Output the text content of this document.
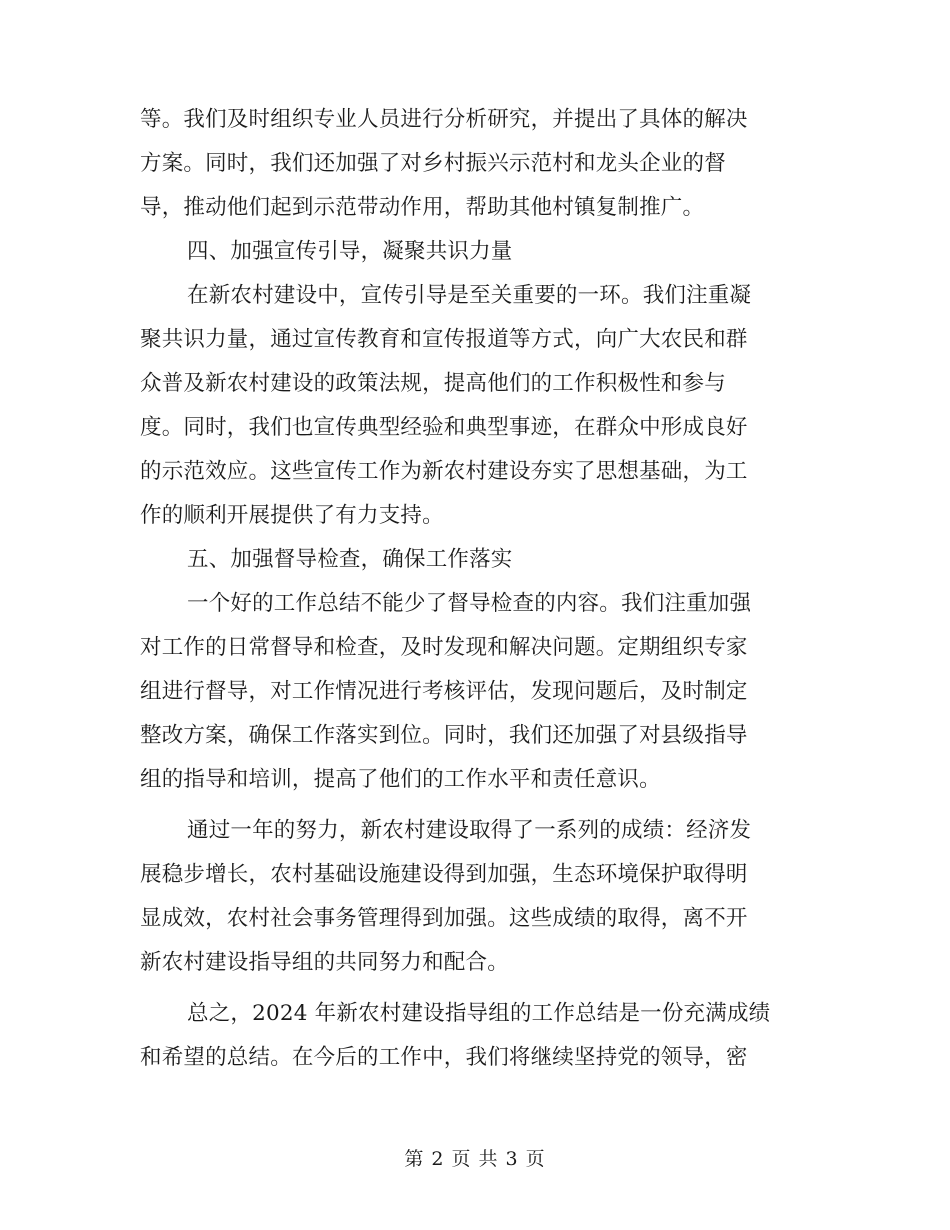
等。我们及时组织专业人员进行分析研究，并提出了具体的解决
方案。同时，我们还加强了对乡村振兴示范村和龙头企业的督
导，推动他们起到示范带动作用，帮助其他村镇复制推广。
四、加强宣传引导，凝聚共识力量
在新农村建设中，宣传引导是至关重要的一环。我们注重凝
聚共识力量，通过宣传教育和宣传报道等方式，向广大农民和群
众普及新农村建设的政策法规，提高他们的工作积极性和参与
度。同时，我们也宣传典型经验和典型事迹，在群众中形成良好
的示范效应。这些宣传工作为新农村建设夯实了思想基础，为工
作的顺利开展提供了有力支持。
五、加强督导检查，确保工作落实
一个好的工作总结不能少了督导检查的内容。我们注重加强
对工作的日常督导和检查，及时发现和解决问题。定期组织专家
组进行督导，对工作情况进行考核评估，发现问题后，及时制定
整改方案，确保工作落实到位。同时，我们还加强了对县级指导
组的指导和培训，提高了他们的工作水平和责任意识。
通过一年的努力，新农村建设取得了一系列的成绩：经济发
展稳步增长，农村基础设施建设得到加强，生态环境保护取得明
显成效，农村社会事务管理得到加强。这些成绩的取得，离不开
新农村建设指导组的共同努力和配合。
总之，2024 年新农村建设指导组的工作总结是一份充满成绩
和希望的总结。在今后的工作中，我们将继续坚持党的领导，密
第 2 页 共 3 页
